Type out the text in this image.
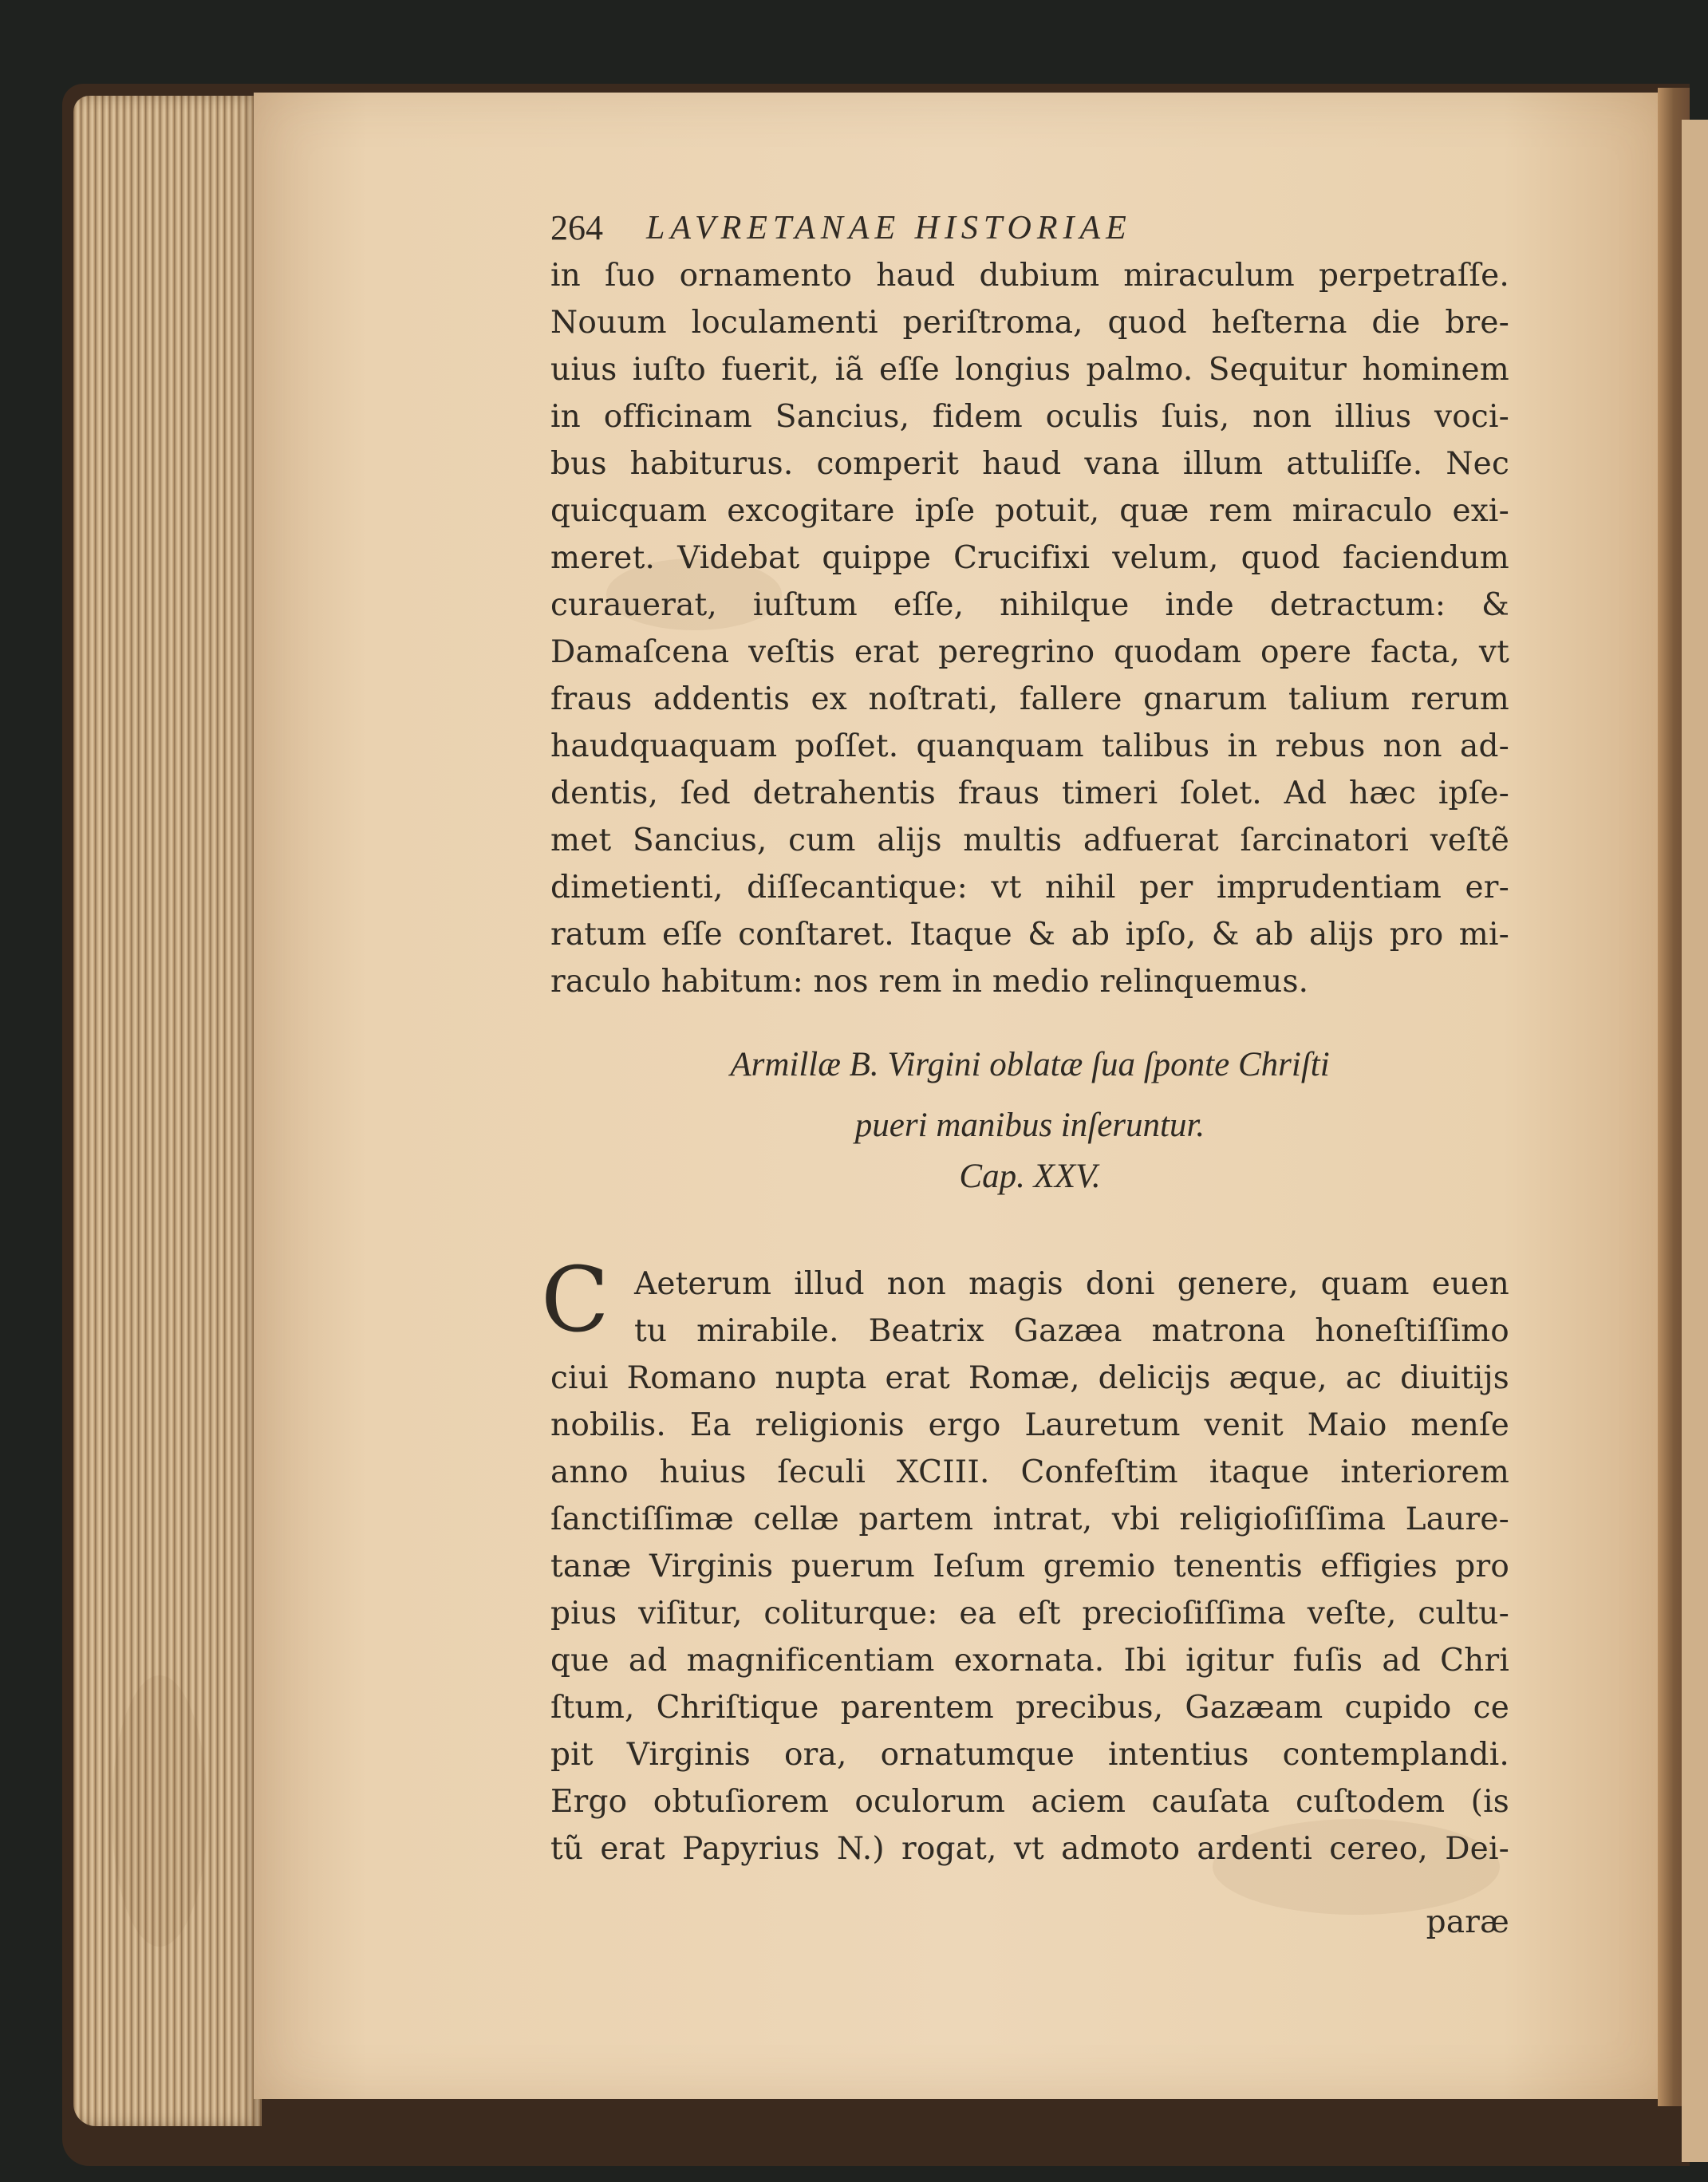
264 LAVRETANAE HISTORIAE
in ſuo ornamento haud dubium miraculum perpetraſſe.
Nouum loculamenti periſtroma, quod heſterna die bre-
uius iuſto fuerit, iã eſſe longius palmo. Sequitur hominem
in officinam Sancius, fidem oculis ſuis, non illius voci-
bus habiturus. comperit haud vana illum attuliſſe. Nec
quicquam excogitare ipſe potuit, quæ rem miraculo exi-
meret. Videbat quippe Crucifixi velum, quod faciendum
curauerat, iuſtum eſſe, nihilque inde detractum: &
Damaſcena veſtis erat peregrino quodam opere facta, vt
fraus addentis ex noſtrati, fallere gnarum talium rerum
haudquaquam poſſet. quanquam talibus in rebus non ad-
dentis, ſed detrahentis fraus timeri ſolet. Ad hæc ipſe-
met Sancius, cum alijs multis adfuerat ſarcinatori veſtẽ
dimetienti, diſſecantique: vt nihil per imprudentiam er-
ratum eſſe conſtaret. Itaque & ab ipſo, & ab alijs pro mi-
raculo habitum: nos rem in medio relinquemus.
Armillæ B. Virgini oblatæ ſua ſponte Chriſti
pueri manibus inſeruntur.
Cap. XXV.
C Aeterum illud non magis doni genere, quam euen
tu mirabile. Beatrix Gazæa matrona honeſtiſſimo
ciui Romano nupta erat Romæ, delicijs æque, ac diuitijs
nobilis. Ea religionis ergo Lauretum venit Maio menſe
anno huius ſeculi XCIII. Confeſtim itaque interiorem
ſanctiſſimæ cellæ partem intrat, vbi religioſiſſima Laure-
tanæ Virginis puerum Ieſum gremio tenentis effigies pro
pius viſitur, coliturque: ea eſt precioſiſſima veſte, cultu-
que ad magnificentiam exornata. Ibi igitur fuſis ad Chri
ſtum, Chriſtique parentem precibus, Gazæam cupido ce
pit Virginis ora, ornatumque intentius contemplandi.
Ergo obtuſiorem oculorum aciem cauſata cuſtodem (is
tũ erat Papyrius N.) rogat, vt admoto ardenti cereo, Dei-
paræ
